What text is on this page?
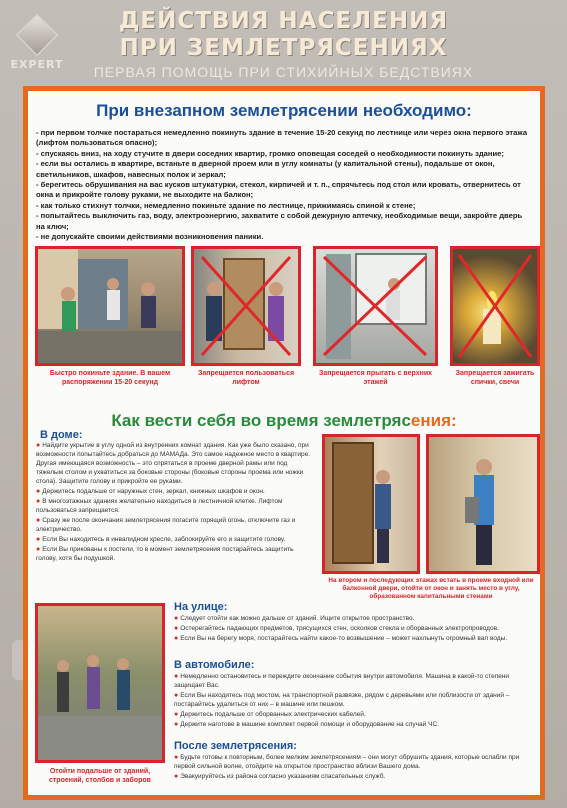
EXPERT
ДЕЙСТВИЯ НАСЕЛЕНИЯ
ПРИ ЗЕМЛЕТРЯСЕНИЯХ
ПЕРВАЯ ПОМОЩЬ ПРИ СТИХИЙНЫХ БЕДСТВИЯХ
При внезапном землетрясении необходимо:
- при первом толчке постараться немедленно покинуть здание в течение 15-20 секунд по лестнице или через окна первого этажа (лифтом пользоваться опасно);
- спускаясь вниз, на ходу стучите в двери соседних квартир, громко оповещая соседей о необходимости покинуть здание;
- если вы остались в квартире, встаньте в дверной проем или в углу комнаты (у капитальной стены), подальше от окон, светильников, шкафов, навесных полок и зеркал;
- берегитесь обрушивания на вас кусков штукатурки, стекол, кирпичей и т. п., спрячьтесь под стол или кровать, отвернитесь от окна и прикройте голову руками, не выходите на балкон;
- как только стихнут толчки, немедленно покиньте здание по лестнице, прижимаясь спиной к стене;
- попытайтесь выключить газ, воду, электроэнергию, захватите с собой дежурную аптечку, необходимые вещи, закройте дверь на ключ;
- не допускайте своими действиями возникновения паники.
Быстро покиньте здание. В вашем распоряжении 15-20 секунд
Запрещается пользоваться лифтом
Запрещается прыгать с верхних этажей
Запрещается зажигать спички, свечи
Как вести себя во время землетрясения:
В доме:

● Найдите укрытие в углу одной из внутренних комнат здания. Как уже было сказано, при возможности попытайтесь добраться до МАМАДа. Это самое надежное место в квартире. Другая имеющаяся возможность – это спрятаться в проеме дверной рамы или под тяжелым столом и ухватиться за боковые стороны (боковые стороны проема или ножки стола). Защитите голову и прикройте ее руками.

● Держитесь подальше от наружных стен, зеркал, книжных шкафов и окон.

● В многоэтажных зданиях желательно находиться в лестничной клетке. Лифтом пользоваться запрещается.

● Сразу же после окончания землетрясения погасите горящий огонь, отключите газ и электричество.

● Если Вы находитесь в инвалидном кресле, заблокируйте его и защитите голову.

● Если Вы прикованы к постели, то в момент землетрясения постарайтесь защитить голову, хотя бы подушкой.

На втором и последующих этажах встать в проеме входной или балконной двери, отойти от окон и занять место в углу, образованном капитальными стенами
Отойти подальше от зданий, строений, столбов и заборов
На улице:

● Следует отойти как можно дальше от зданий. Ищите открытое пространство.

● Остерегайтесь падающих предметов, трясущихся стен, осколков стекла и оборванных электропроводов.

● Если Вы на берегу моря, постарайтесь найти какое-то возвышение – может нахлынуть огромный вал воды.

В автомобиле:

● Немедленно остановитесь и переждите окончание события внутри автомобиля. Машина в какой-то степени защищает Вас.

● Если Вы находитесь под мостом, на транспортной развязке, рядом с деревьями или поблизости от зданий – постарайтесь удалиться от них – в машине или пешком.

● Держитесь подальше от оборванных электрических кабелей.

● Держите наготове в машине комплект первой помощи и оборудование на случай ЧС.

После землетрясения:

● Будьте готовы к повторным, более мелким землетрясениям – они могут обрушить здания, которые ослабли при первой сильной волне, отойдите на открытое пространство вблизи Вашего дома.

● Эвакуируйтесь из района согласно указаниям спасательных служб.
